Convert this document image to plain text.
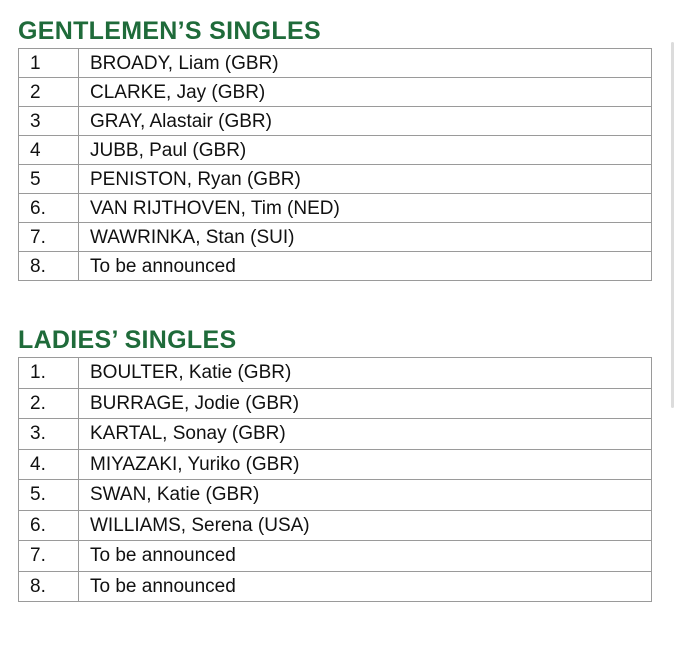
GENTLEMEN’S SINGLES
1	BROADY, Liam (GBR)
2	CLARKE, Jay (GBR)
3	GRAY, Alastair (GBR)
4	JUBB, Paul (GBR)
5	PENISTON, Ryan (GBR)
6.	VAN RIJTHOVEN, Tim (NED)
7.	WAWRINKA, Stan (SUI)
8.	To be announced
LADIES’ SINGLES
1.	BOULTER, Katie (GBR)
2.	BURRAGE, Jodie (GBR)
3.	KARTAL, Sonay (GBR)
4.	MIYAZAKI, Yuriko (GBR)
5.	SWAN, Katie (GBR)
6.	WILLIAMS, Serena (USA)
7.	To be announced
8.	To be announced
